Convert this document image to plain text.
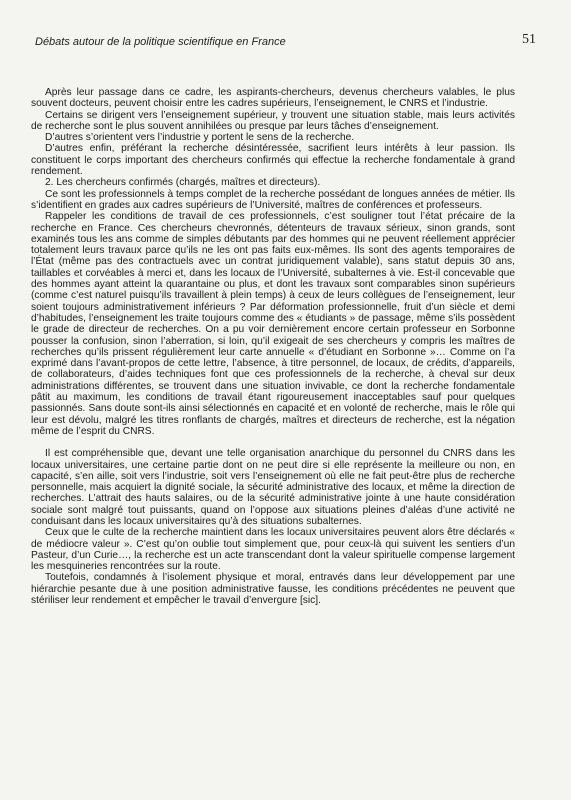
Débats autour de la politique scientifique en France	51

Après leur passage dans ce cadre, les aspirants-chercheurs, devenus chercheurs valables, le plus souvent docteurs, peuvent choisir entre les cadres supérieurs, l’enseignement, le CNRS et l’industrie.

Certains se dirigent vers l’enseignement supérieur, y trouvent une situation stable, mais leurs activités de recherche sont le plus souvent annihilées ou presque par leurs tâches d’enseignement.

D’autres s’orientent vers l’industrie y portent le sens de la recherche.

D’autres enfin, préférant la recherche désintéressée, sacrifient leurs intérêts à leur passion. Ils constituent le corps important des chercheurs confirmés qui effectue la recherche fondamentale à grand rendement.

2. Les chercheurs confirmés (chargés, maîtres et directeurs).

Ce sont les professionnels à temps complet de la recherche possédant de longues années de métier. Ils s’identifient en grades aux cadres supérieurs de l’Université, maîtres de conférences et professeurs.

Rappeler les conditions de travail de ces professionnels, c’est souligner tout l’état précaire de la recherche en France. Ces chercheurs chevronnés, détenteurs de travaux sérieux, sinon grands, sont examinés tous les ans comme de simples débutants par des hommes qui ne peuvent réellement apprécier totalement leurs travaux parce qu’ils ne les ont pas faits eux-mêmes. Ils sont des agents temporaires de l’État (même pas des contractuels avec un contrat juridiquement valable), sans statut depuis 30 ans, taillables et corvéables à merci et, dans les locaux de l’Université, subalternes à vie. Est-il concevable que des hommes ayant atteint la quarantaine ou plus, et dont les travaux sont comparables sinon supérieurs (comme c’est naturel puisqu’ils travaillent à plein temps) à ceux de leurs collègues de l’enseignement, leur soient toujours administrativement inférieurs ? Par déformation professionnelle, fruit d’un siècle et demi d’habitudes, l’enseignement les traite toujours comme des « étudiants » de passage, même s’ils possèdent le grade de directeur de recherches. On a pu voir dernièrement encore certain professeur en Sorbonne pousser la confusion, sinon l’aberration, si loin, qu’il exigeait de ses chercheurs y compris les maîtres de recherches qu’ils prissent régulièrement leur carte annuelle « d’étudiant en Sorbonne »… Comme on l’a exprimé dans l’avant-propos de cette lettre, l’absence, à titre personnel, de locaux, de crédits, d’appareils, de collaborateurs, d’aides techniques font que ces professionnels de la recherche, à cheval sur deux administrations différentes, se trouvent dans une situation invivable, ce dont la recherche fondamentale pâtit au maximum, les conditions de travail étant rigoureusement inacceptables sauf pour quelques passionnés. Sans doute sont-ils ainsi sélectionnés en capacité et en volonté de recherche, mais le rôle qui leur est dévolu, malgré les titres ronflants de chargés, maîtres et directeurs de recherche, est la négation même de l’esprit du CNRS.

Il est compréhensible que, devant une telle organisation anarchique du personnel du CNRS dans les locaux universitaires, une certaine partie dont on ne peut dire si elle représente la meilleure ou non, en capacité, s’en aille, soit vers l’industrie, soit vers l’enseignement où elle ne fait peut-être plus de recherche personnelle, mais acquiert la dignité sociale, la sécurité administrative des locaux, et même la direction de recherches. L’attrait des hauts salaires, ou de la sécurité administrative jointe à une haute considération sociale sont malgré tout puissants, quand on l’oppose aux situations pleines d’aléas d’une activité ne conduisant dans les locaux universitaires qu’à des situations subalternes.

Ceux que le culte de la recherche maintient dans les locaux universitaires peuvent alors être déclarés « de médiocre valeur ». C’est qu’on oublie tout simplement que, pour ceux-là qui suivent les sentiers d’un Pasteur, d’un Curie…, la recherche est un acte transcendant dont la valeur spirituelle compense largement les mesquineries rencontrées sur la route.

Toutefois, condamnés à l’isolement physique et moral, entravés dans leur développement par une hiérarchie pesante due à une position administrative fausse, les conditions précédentes ne peuvent que stériliser leur rendement et empêcher le travail d’envergure [sic].
